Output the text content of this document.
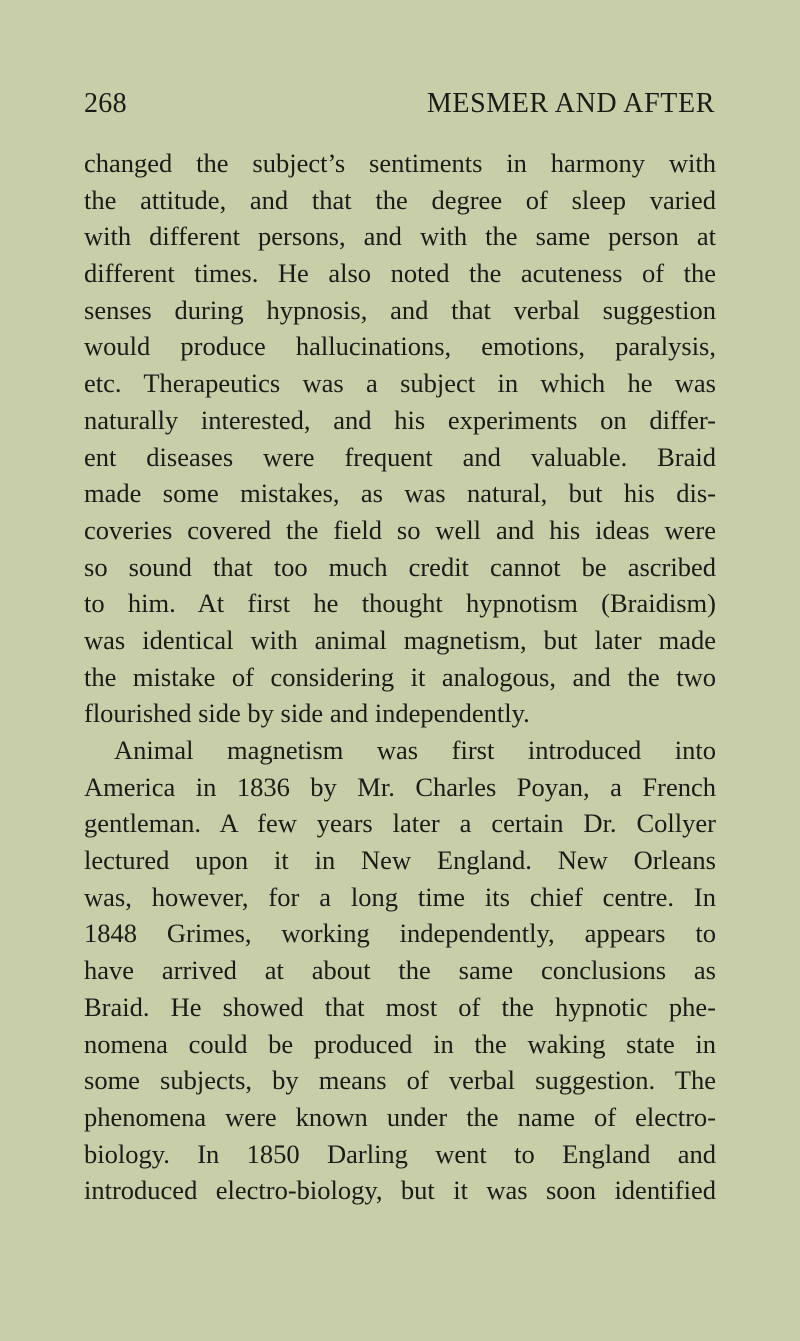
268	MESMER AND AFTER
changed the subject’s sentiments in harmony with
the attitude, and that the degree of sleep varied
with different persons, and with the same person at
different times. He also noted the acuteness of the
senses during hypnosis, and that verbal suggestion
would produce hallucinations, emotions, paralysis,
etc. Therapeutics was a subject in which he was
naturally interested, and his experiments on differ-
ent diseases were frequent and valuable. Braid
made some mistakes, as was natural, but his dis-
coveries covered the field so well and his ideas were
so sound that too much credit cannot be ascribed
to him. At first he thought hypnotism (Braidism)
was identical with animal magnetism, but later made
the mistake of considering it analogous, and the two
flourished side by side and independently.
Animal magnetism was first introduced into
America in 1836 by Mr. Charles Poyan, a French
gentleman. A few years later a certain Dr. Collyer
lectured upon it in New England. New Orleans
was, however, for a long time its chief centre. In
1848 Grimes, working independently, appears to
have arrived at about the same conclusions as
Braid. He showed that most of the hypnotic phe-
nomena could be produced in the waking state in
some subjects, by means of verbal suggestion. The
phenomena were known under the name of electro-
biology. In 1850 Darling went to England and
introduced electro-biology, but it was soon identified
